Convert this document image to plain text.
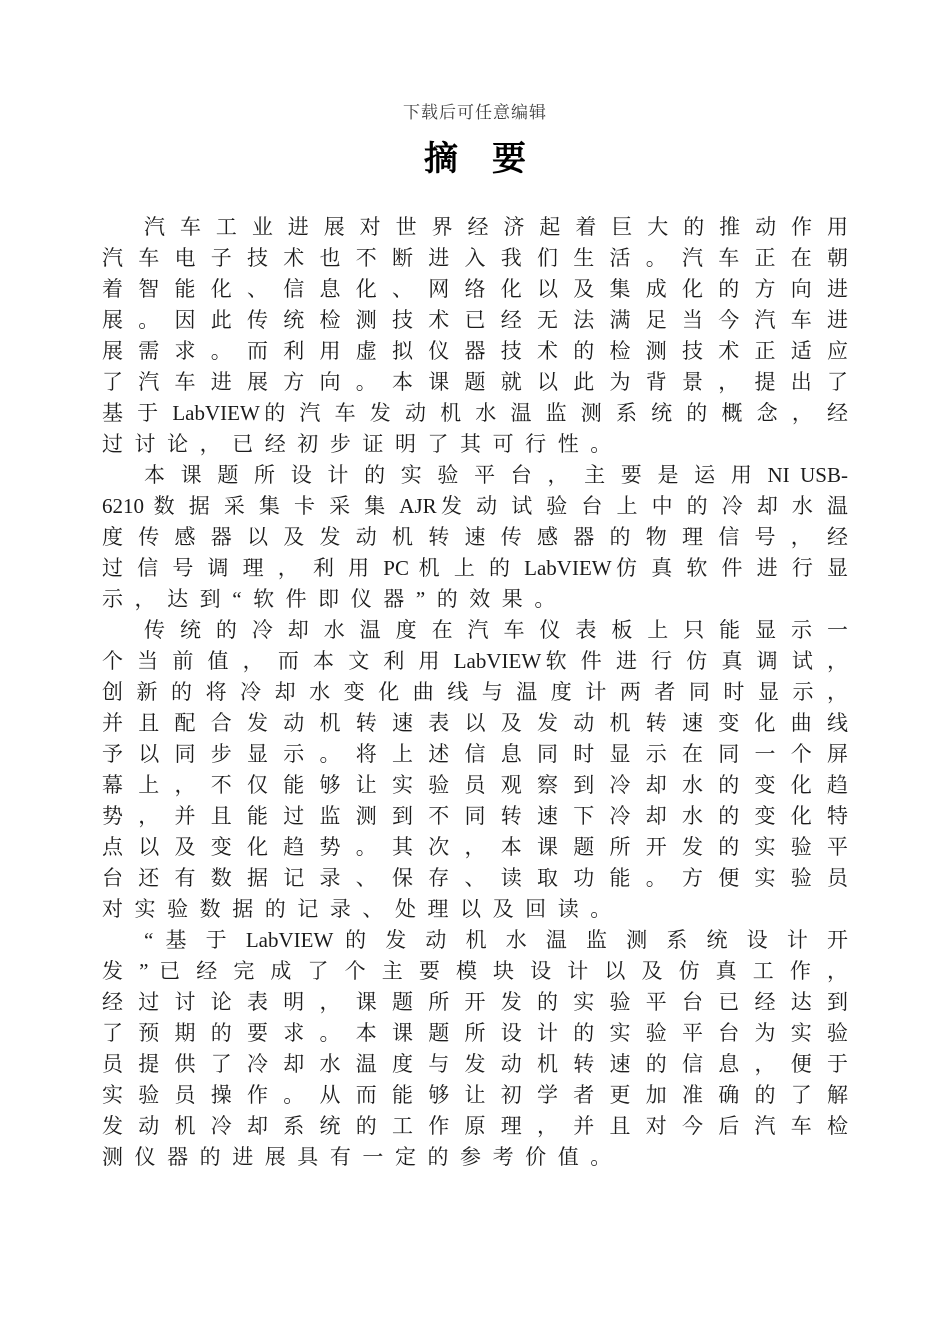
下载后可任意编辑
摘　要
汽 车 工 业 进 展 对 世 界 经 济 起 着 巨 大 的 推 动 作 用
汽 车 电 子 技 术 也 不 断 进 入 我 们 生 活 。 汽 车 正 在 朝
着 智 能 化 、 信 息 化 、 网 络 化 以 及 集 成 化 的 方 向 进
展 。 因 此 传 统 检 测 技 术 已 经 无 法 满 足 当 今 汽 车 进
展 需 求 。 而 利 用 虚 拟 仪 器 技 术 的 检 测 技 术 正 适 应
了 汽 车 进 展 方 向 。 本 课 题 就 以 此 为 背 景 ， 提 出 了
基 于 LabVIEW的 汽 车 发 动 机 水 温 监 测 系 统 的 概 念 ， 经
过 讨 论 ， 已 经 初 步 证 明 了 其 可 行 性 。
本 课 题 所 设 计 的 实 验 平 台 ， 主 要 是 运 用 NI USB-
6210 数 据 采 集 卡 采 集 AJR发 动 试 验 台 上 中 的 冷 却 水 温
度 传 感 器 以 及 发 动 机 转 速 传 感 器 的 物 理 信 号 ， 经
过 信 号 调 理 ， 利 用 PC 机 上 的 LabVIEW仿 真 软 件 进 行 显
示 ， 达 到 “ 软 件 即 仪 器 ” 的 效 果 。
传 统 的 冷 却 水 温 度 在 汽 车 仪 表 板 上 只 能 显 示 一
个 当 前 值 ， 而 本 文 利 用 LabVIEW软 件 进 行 仿 真 调 试 ，
创 新 的 将 冷 却 水 变 化 曲 线 与 温 度 计 两 者 同 时 显 示 ，
并 且 配 合 发 动 机 转 速 表 以 及 发 动 机 转 速 变 化 曲 线
予 以 同 步 显 示 。 将 上 述 信 息 同 时 显 示 在 同 一 个 屏
幕 上 ， 不 仅 能 够 让 实 验 员 观 察 到 冷 却 水 的 变 化 趋
势 ， 并 且 能 过 监 测 到 不 同 转 速 下 冷 却 水 的 变 化 特
点 以 及 变 化 趋 势 。 其 次 ， 本 课 题 所 开 发 的 实 验 平
台 还 有 数 据 记 录 、 保 存 、 读 取 功 能 。 方 便 实 验 员
对 实 验 数 据 的 记 录 、 处 理 以 及 回 读 。
“ 基 于 LabVIEW 的 发 动 机 水 温 监 测 系 统 设 计 开
发 ” 已 经 完 成 了 个 主 要 模 块 设 计 以 及 仿 真 工 作 ，
经 过 讨 论 表 明 ， 课 题 所 开 发 的 实 验 平 台 已 经 达 到
了 预 期 的 要 求 。 本 课 题 所 设 计 的 实 验 平 台 为 实 验
员 提 供 了 冷 却 水 温 度 与 发 动 机 转 速 的 信 息 ， 便 于
实 验 员 操 作 。 从 而 能 够 让 初 学 者 更 加 准 确 的 了 解
发 动 机 冷 却 系 统 的 工 作 原 理 ， 并 且 对 今 后 汽 车 检
测 仪 器 的 进 展 具 有 一 定 的 参 考 价 值 。
